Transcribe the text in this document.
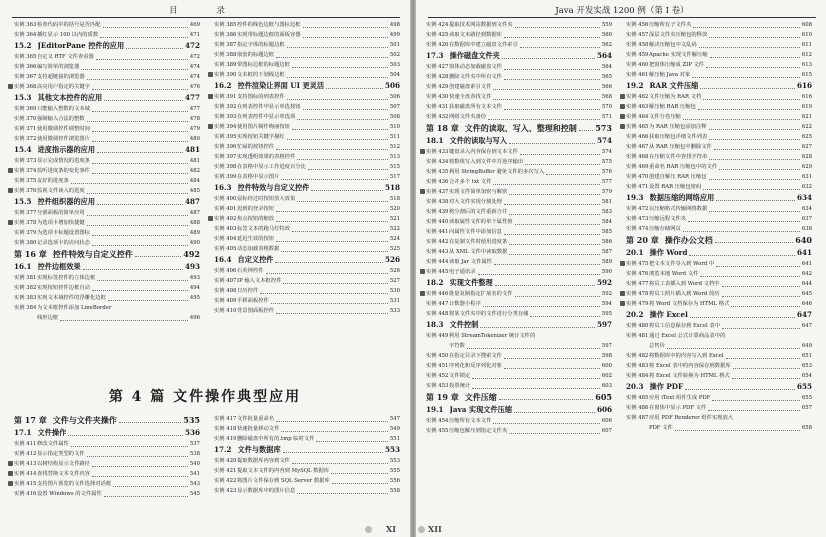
目 录
实例 363 检查代码中的括号是否匹配	469
实例 364 插红显示 100 以内的质数	471
15.2 JEditorPane 控件的应用	472
实例 365 自定义 RTF 文件查看器	472
实例 366 编写简单的浏览器	474
实例 367 支持超链接的浏览器	474
实例 368 高亮用户指定的关键字	476
15.3 其他文本控件的应用	477
实例 369 只能输入整数的文本域	477
实例 370 强制输入合法的整数	478
实例 371 使用微调控件调整时间	479
实例 372 使用微调控件浏览图片	480
15.4 进度指示器的应用	481
实例 373 显示完成情况的进度条	481
实例 374 监听进度条的变化事件	482
实例 375 友好的进度条	484
实例 376 监视文件读入的进度	485
15.5 控件组织器的应用	487
实例 377 分割面板的简单应用	487
实例 378 为选项卡增加快捷键	488
实例 379 为选项卡标题设置图标	489
实例 380 记录选项卡的访问状态	490
第 16 章 控件特效与自定义控件	492
16.1 控件边框效果	493
实例 381 实现标签控件的立体边框	493
实例 382 实现按钮控件边框自动	494
实例 383 实现文本域控件的浮雕化边框	495
实例 384 为文本框控件添加 LineBorder
线形边框	496
实例 385 控件的线色边框与图标边框	498
实例 386 实现带标题边框的面板容器	499
实例 387 指定字体的标题边框	501
实例 388 嵌套的标题边框	502
实例 389 带图标边框的标题边框	503
实例 390 文本框的下划线边框	504
16.2 控件渲染让界面 UI 更灵活	506
实例 391 支持图标的列表控件	506
实例 392 在列表控件中显示单选按钮	507
实例 393 在列表控件中显示单选项	508
实例 394 使用图片制作绚丽按钮	510
实例 395 实现按钮关键字描红	511
实例 396 忙碌的按钮控件	512
实例 397 实现透明效果的表格控件	513
实例 398 在表格中显示工作进度百分比	515
实例 399 在表格中显示图片	517
16.3 控件特效与自定义控件	518
实例 400 鼠标经过时按钮放大效果	518
实例 401 迟到的登录按钮	520
实例 402 焦点按钮的缩放	521
实例 403 标签文本的跑马灯特效	522
实例 404 延迟生效的按钮	524
实例 405 动态加载表格数据	525
16.4 自定义控件	526
实例 406 石英钟控件	526
实例 407 IP 输入文本框控件	527
实例 408 日历控件	530
实例 409 平移面板控件	531
实例 410 背景图面板控件	533
第 4 篇 文件操作典型应用
第 17 章 文件与文件夹操作	535
17.1 文件操作	536
实例 411 修改文件属性	537
实例 412 显示指定类型的文件	538
实例 413 以树结构显示文件路径	540
实例 414 查找替换文本文件内容	541
实例 415 支持图片预览的文件选择对话框	543
实例 416 设置 Windows 的文件属性	545
实例 417 文件批量重命名	547
实例 418 快速批量移动文件	549
实例 419 删除磁盘中所有的.tmp 临时文件	551
17.2 文件与数据库	553
实例 420 提取数据库内容到文件	553
实例 421 提取文本文件的内容到 MySQL 数据库	555
实例 422 将图片文件保存到 SQL Server 数据库	556
实例 423 显示数据库中的图片信息	558
XI
Java 开发实战 1200 例（第 I 卷）
实例 424 提取技术网站数据到文件夹	559
实例 425 读取文本路径到数据库	560
实例 426 在数据库中建立磁盘文件索引	562
17.3 操作磁盘文件夹	564
实例 427 窗体动态加载磁盘文件	564
实例 428 删除文件夹中所有文件	565
实例 429 创建磁盘索引文件	566
实例 430 快速全盘查找文件	568
实例 431 获取磁盘所有文本文件	570
实例 432 网络文件夹备份	571
第 18 章 文件的读取、写入、整理和控制 573
18.1 文件的读取与写入	574
实例 433 键盘录入内容保存到文本文件	574
实例 434 将数组写入到文件中并逆序输出	575
实例 435 利用 StringBuffer 避免文件的多次写入	576
实例 436 合并多个 txt 文件	577
实例 437 实现文件简单加密与解密	579
实例 438 对大文件实现分割处理	581
实例 439 将分割后的文件重新合并	583
实例 440 读取属性文件的单个属性值	584
实例 441 向属性文件中添加信息	585
实例 442 在复制文件时使用进度条	586
实例 443 从 XML 文件中读取数据	587
实例 444 读取 Jar 文件属性	589
实例 445 电子通讯录	590
18.2 实现文件整理	592
实例 446 批量复制指定扩展名的文件	592
实例 447 计数器小程序	594
实例 448 将某文件夹中的文件进行分类存储	595
18.3 文件控制	597
实例 449 利用 StreamTokenizer 统计文件的
字符数	597
实例 450 在指定目录下搜索文件	598
实例 451 序列化和反序列化对象	600
实例 452 文件锁定	602
实例 453 投票统计	603
第 19 章 文件压缩	605
19.1 Java 实现文件压缩	606
实例 454 压缩所有文本文件	606
实例 455 压缩包解压到指定文件夹	607
实例 456 压缩所有子文件夹	608
实例 457 深层文件夹压缩包的释放	610
实例 458 解决压缩包中文乱码	611
实例 459 Apache 实现文件解压缩	612
实例 460 把窗体压缩成 ZIP 文件	613
实例 461 解压缩 Java 对象	615
19.2 RAR 文件压缩	616
实例 462 文件压缩为 RAR 文档	616
实例 463 解压缩 RAR 压缩包	619
实例 464 文件分卷压缩	621
实例 465 为 RAR 压缩包添加注释	622
实例 466 获取压缩包详细文件列表	625
实例 467 从 RAR 压缩包中删除文件	627
实例 468 在压缩文件中查找字符串	628
实例 469 重命名 RAR 压缩包中的文件	629
实例 470 创建自解压 RAR 压缩包	631
实例 471 设置 RAR 压缩包密码	632
19.3 数据压缩的网络应用	634
实例 472 以压缩格式传输网络数据	634
实例 473 压缩远程文件夹	637
实例 474 压缩存储网页	638
第 20 章 操作办公文档	640
20.1 操作 Word	641
实例 475 把文本文件导入到 Word 中	641
实例 476 浏览本地 Word 文件	642
实例 477 将员工表插入到 Word 文档中	644
实例 478 将员工照片插入到 Word 简历	645
实例 479 将 Word 文档保存为 HTML 格式	646
20.2 操作 Excel	647
实例 480 将员工信息保存到 Excel 表中	647
实例 481 通过 Excel 公式计算商品表中的
总售价	649
实例 482 将数据库中的内容写入到 Excel	651
实例 483 将 Excel 表中的内容保存到数据库	653
实例 484 将 Excel 文件转换为 HTML 格式	654
20.3 操作 PDF	655
实例 485 应用 iText 组件生成 PDF	655
实例 486 在窗体中显示 PDF 文件	657
实例 487 应用 PDF Renderer 组件实现放大
PDF 文件	658
XII
